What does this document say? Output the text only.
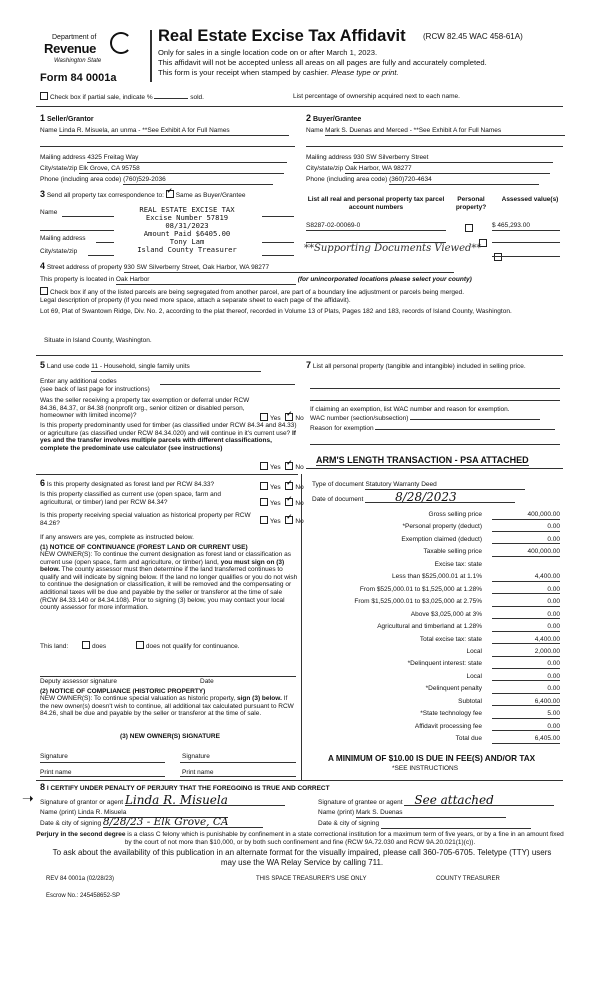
Department of
Revenue
Washington State
Form 84 0001a
Real Estate Excise Tax Affidavit (RCW 82.45 WAC 458-61A)
Only for sales in a single location code on or after March 1, 2023.
This affidavit will not be accepted unless all areas on all pages are fully and accurately completed.
This form is your receipt when stamped by cashier. Please type or print.
Check box if partial sale, indicate %	sold.	List percentage of ownership acquired next to each name.
1 Seller/Grantor
Name Linda R. Misuela, an unma - **See Exhibit A for Full Names
Mailing address 4325 Freitag Way
City/state/zip Elk Grove, CA 95758
Phone (including area code) (760)529-2036
2 Buyer/Grantee
Name Mark S. Duenas and Merced - **See Exhibit A for Full Names
Mailing address 930 SW Silverberry Street
City/state/zip Oak Harbor, WA 98277
Phone (including area code) (360)720-4634
3 Send all property tax correspondence to: ✓ Same as Buyer/Grantee
Name
Mailing address
City/state/zip
REAL ESTATE EXCISE TAX
Excise Number 57819
08/31/2023
Amount Paid $6405.00
Tony Lam
Island County Treasurer
List all real and personal property tax parcel account numbers
Personal property?
Assessed value(s)

S8287-02-00069-0	$ 465,293.00

**Supporting Documents Viewed**
4 Street address of property 930 SW Silverberry Street, Oak Harbor, WA 98277
This property is located in Oak Harbor	(for unincorporated locations please select your county)
Check box if any of the listed parcels are being segregated from another parcel, are part of a boundary line adjustment or parcels being merged.
Legal description of property (if you need more space, attach a separate sheet to each page of the affidavit).
Lot 69, Plat of Swantown Ridge, Div. No. 2, according to the plat thereof, recorded in Volume 13 of Plats, Pages 182 and 183, records of Island County, Washington.
Situate in Island County, Washington.
5 Land use code 11 - Household, single family units
Enter any additional codes
(see back of last page for instructions)
Was the seller receiving a property tax exemption or deferral under RCW 84.36, 84.37, or 84.38 (nonprofit org., senior citizen or disabled person, homeowner with limited income)?	Yes ✓ No
Is this property predominantly used for timber (as classified under RCW 84.34 and 84.33) or agriculture (as classified under RCW 84.34.020) and will continue in it's current use? If yes and the transfer involves multiple parcels with different classifications, complete the predominate use calculator (see instructions)
Yes ✓ No
7 List all personal property (tangible and intangible) included in selling price.
If claiming an exemption, list WAC number and reason for exemption.
WAC number (section/subsection)
Reason for exemption
ARM'S LENGTH TRANSACTION - PSA ATTACHED
6 Is this property designated as forest land per RCW 84.33?	Yes ✓ No
Is this property classified as current use (open space, farm and agricultural, or timber) land per RCW 84.34?	Yes ✓ No
Is this property receiving special valuation as historical property per RCW 84.26?	Yes ✓ No
If any answers are yes, complete as instructed below.
(1) NOTICE OF CONTINUANCE (FOREST LAND OR CURRENT USE)
NEW OWNER(S): To continue the current designation as forest land or classification as current use (open space, farm and agriculture, or timber) land, you must sign on (3) below. The county assessor must then determine if the land transferred continues to qualify and will indicate by signing below. If the land no longer qualifies or you do not wish to continue the designation or classification, it will be removed and the compensating or additional taxes will be due and payable by the seller or transferor at the time of sale (RCW 84.33.140 or 84.34.108). Prior to signing (3) below, you may contact your local county assessor for more information.
This land:	does	does not qualify for continuance.
Deputy assessor signature	Date
(2) NOTICE OF COMPLIANCE (HISTORIC PROPERTY)
NEW OWNER(S): To continue special valuation as historic property, sign (3) below. If the new owner(s) doesn't wish to continue, all additional tax calculated pursuant to RCW 84.26, shall be due and payable by the seller or transferor at the time of sale.
(3) NEW OWNER(S) SIGNATURE
Signature	Signature
Print name	Print name
Type of document Statutory Warranty Deed
Date of document	8/28/2023
Gross selling price	400,000.00
*Personal property (deduct)	0.00
Exemption claimed (deduct)	0.00
Taxable selling price	400,000.00
Excise tax: state
Less than $525,000.01 at 1.1%	4,400.00
From $525,000.01 to $1,525,000 at 1.28%	0.00
From $1,525,000.01 to $3,025,000 at 2.75%	0.00
Above $3,025,000 at 3%	0.00
Agricultural and timberland at 1.28%	0.00
Total excise tax: state	4,400.00
Local	2,000.00
*Delinquent interest: state	0.00
Local	0.00
*Delinquent penalty	0.00
Subtotal	6,400.00
*State technology fee	5.00
Affidavit processing fee	0.00
Total due	6,405.00
A MINIMUM OF $10.00 IS DUE IN FEE(S) AND/OR TAX
*SEE INSTRUCTIONS
8 I CERTIFY UNDER PENALTY OF PERJURY THAT THE FOREGOING IS TRUE AND CORRECT
➝ Signature of grantor or agent Linda R. Misuela
Name (print) Linda R. Misuela
Date & city of signing 8/28/23 - Elk Grove, CA
Signature of grantee or agent See attached
Name (print) Mark S. Duenas
Date & city of signing
Perjury in the second degree is a class C felony which is punishable by confinement in a state correctional institution for a maximum term of five years, or by a fine in an amount fixed by the court of not more than $10,000, or by both such confinement and fine (RCW 9A.72.030 and RCW 9A.20.021(1)(c)).
To ask about the availability of this publication in an alternate format for the visually impaired, please call 360-705-6705. Teletype (TTY) users may use the WA Relay Service by calling 711.
REV 84 0001a (02/28/23)	THIS SPACE TREASURER'S USE ONLY	COUNTY TREASURER
Escrow No.: 245458652-SP
